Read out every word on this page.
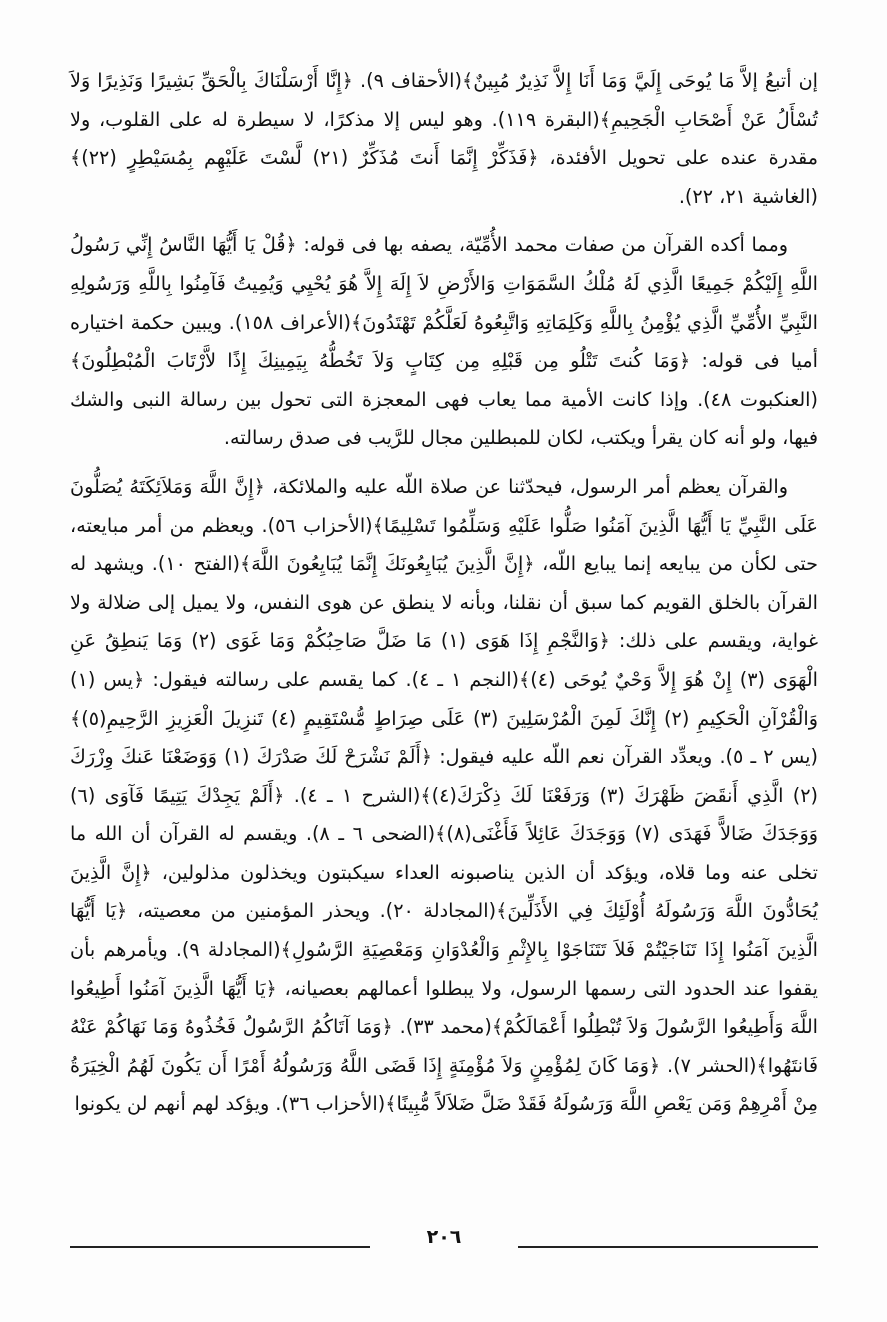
إن أتبعُ إلاَّ مَا يُوحَى إِلَيَّ وَمَا أَنَا إِلاَّ نَذِيرٌ مُبِينٌ﴾(الأحقاف ٩). ﴿إِنَّا أَرْسَلْنَاكَ بِالْحَقِّ بَشِيرًا وَنَذِيرًا وَلاَ تُسْأَلُ عَنْ أَصْحَابِ الْجَحِيمِ﴾(البقرة ١١٩). وهو ليس إلا مذكرًا، لا سيطرة له على القلوب، ولا مقدرة عنده على تحويل الأفئدة، ﴿فَذَكِّرْ إِنَّمَا أَنتَ مُذَكِّرٌ (٢١) لَّسْتَ عَلَيْهِم بِمُسَيْطِرٍ (٢٢)﴾ (الغاشية ٢١، ٢٢).

ومما أكده القرآن من صفات محمد الأُمِّيّة، يصفه بها فى قوله: ﴿قُلْ يَا أَيُّهَا النَّاسُ إِنِّي رَسُولُ اللَّهِ إِلَيْكُمْ جَمِيعًا الَّذِي لَهُ مُلْكُ السَّمَوَاتِ وَالأَرْضِ لاَ إِلَهَ إِلاَّ هُوَ يُحْيِي وَيُمِيتُ فَآمِنُوا بِاللَّهِ وَرَسُولِهِ النَّبِيِّ الأُمِّيِّ الَّذِي يُؤْمِنُ بِاللَّهِ وَكَلِمَاتِهِ وَاتَّبِعُوهُ لَعَلَّكُمْ تَهْتَدُونَ﴾(الأعراف ١٥٨). ويبين حكمة اختياره أميا فى قوله: ﴿وَمَا كُنتَ تَتْلُو مِن قَبْلِهِ مِن كِتَابٍ وَلاَ تَخُطُّهُ بِيَمِينِكَ إِذًا لاَّرْتَابَ الْمُبْطِلُونَ﴾(العنكبوت ٤٨). وإذا كانت الأمية مما يعاب فهى المعجزة التى تحول بين رسالة النبى والشك فيها، ولو أنه كان يقرأ ويكتب، لكان للمبطلين مجال للرَّيب فى صدق رسالته.

والقرآن يعظم أمر الرسول، فيحدّثنا عن صلاة اللّه عليه والملائكة، ﴿إِنَّ اللَّهَ وَمَلاَئِكَتَهُ يُصَلُّونَ عَلَى النَّبِيِّ يَا أَيُّهَا الَّذِينَ آمَنُوا صَلُّوا عَلَيْهِ وَسَلِّمُوا تَسْلِيمًا﴾(الأحزاب ٥٦). ويعظم من أمر مبايعته، حتى لكأن من يبايعه إنما يبايع اللّه، ﴿إِنَّ الَّذِينَ يُبَايِعُونَكَ إِنَّمَا يُبَايِعُونَ اللَّهَ﴾(الفتح ١٠). ويشهد له القرآن بالخلق القويم كما سبق أن نقلنا، وبأنه لا ينطق عن هوى النفس، ولا يميل إلى ضلالة ولا غواية، ويقسم على ذلك: ﴿وَالنَّجْمِ إِذَا هَوَى (١) مَا ضَلَّ صَاحِبُكُمْ وَمَا غَوَى (٢) وَمَا يَنطِقُ عَنِ الْهَوَى (٣) إِنْ هُوَ إِلاَّ وَحْيٌ يُوحَى (٤)﴾(النجم ١ ـ ٤). كما يقسم على رسالته فيقول: ﴿يس (١) وَالْقُرْآنِ الْحَكِيمِ (٢) إِنَّكَ لَمِنَ الْمُرْسَلِينَ (٣) عَلَى صِرَاطٍ مُّسْتَقِيمٍ (٤) تَنزِيلَ الْعَزِيزِ الرَّحِيمِ(٥)﴾(يس ٢ ـ ٥). ويعدِّد القرآن نعم اللّه عليه فيقول: ﴿أَلَمْ نَشْرَحْ لَكَ صَدْرَكَ (١) وَوَضَعْنَا عَنكَ وِزْرَكَ (٢) الَّذِي أَنقَضَ ظَهْرَكَ (٣) وَرَفَعْنَا لَكَ ذِكْرَكَ(٤)﴾(الشرح ١ ـ ٤). ﴿أَلَمْ يَجِدْكَ يَتِيمًا فَآوَى (٦) وَوَجَدَكَ ضَالاًّ فَهَدَى (٧) وَوَجَدَكَ عَائِلاً فَأَغْنَى(٨)﴾(الضحى ٦ ـ ٨). ويقسم له القرآن أن الله ما تخلى عنه وما قلاه، ويؤكد أن الذين يناصبونه العداء سيكبتون ويخذلون مذلولين، ﴿إِنَّ الَّذِينَ يُحَادُّونَ اللَّهَ وَرَسُولَهُ أُوْلَئِكَ فِي الأَذَلِّينَ﴾(المجادلة ٢٠). ويحذر المؤمنين من معصيته، ﴿يَا أَيُّهَا الَّذِينَ آمَنُوا إِذَا تَنَاجَيْتُمْ فَلاَ تَتَنَاجَوْا بِالإِثْمِ وَالْعُدْوَانِ وَمَعْصِيَةِ الرَّسُولِ﴾(المجادلة ٩). ويأمرهم بأن يقفوا عند الحدود التى رسمها الرسول، ولا يبطلوا أعمالهم بعصيانه، ﴿يَا أَيُّهَا الَّذِينَ آمَنُوا أَطِيعُوا اللَّهَ وَأَطِيعُوا الرَّسُولَ وَلاَ تُبْطِلُوا أَعْمَالَكُمْ﴾(محمد ٣٣). ﴿وَمَا آتَاكُمُ الرَّسُولُ فَخُذُوهُ وَمَا نَهَاكُمْ عَنْهُ فَانتَهُوا﴾(الحشر ٧). ﴿وَمَا كَانَ لِمُؤْمِنٍ وَلاَ مُؤْمِنَةٍ إِذَا قَضَى اللَّهُ وَرَسُولُهُ أَمْرًا أَن يَكُونَ لَهُمُ الْخِيَرَةُ مِنْ أَمْرِهِمْ وَمَن يَعْصِ اللَّهَ وَرَسُولَهُ فَقَدْ ضَلَّ ضَلاَلاً مُّبِينًا﴾(الأحزاب ٣٦). ويؤكد لهم أنهم لن يكونوا

٢٠٦
